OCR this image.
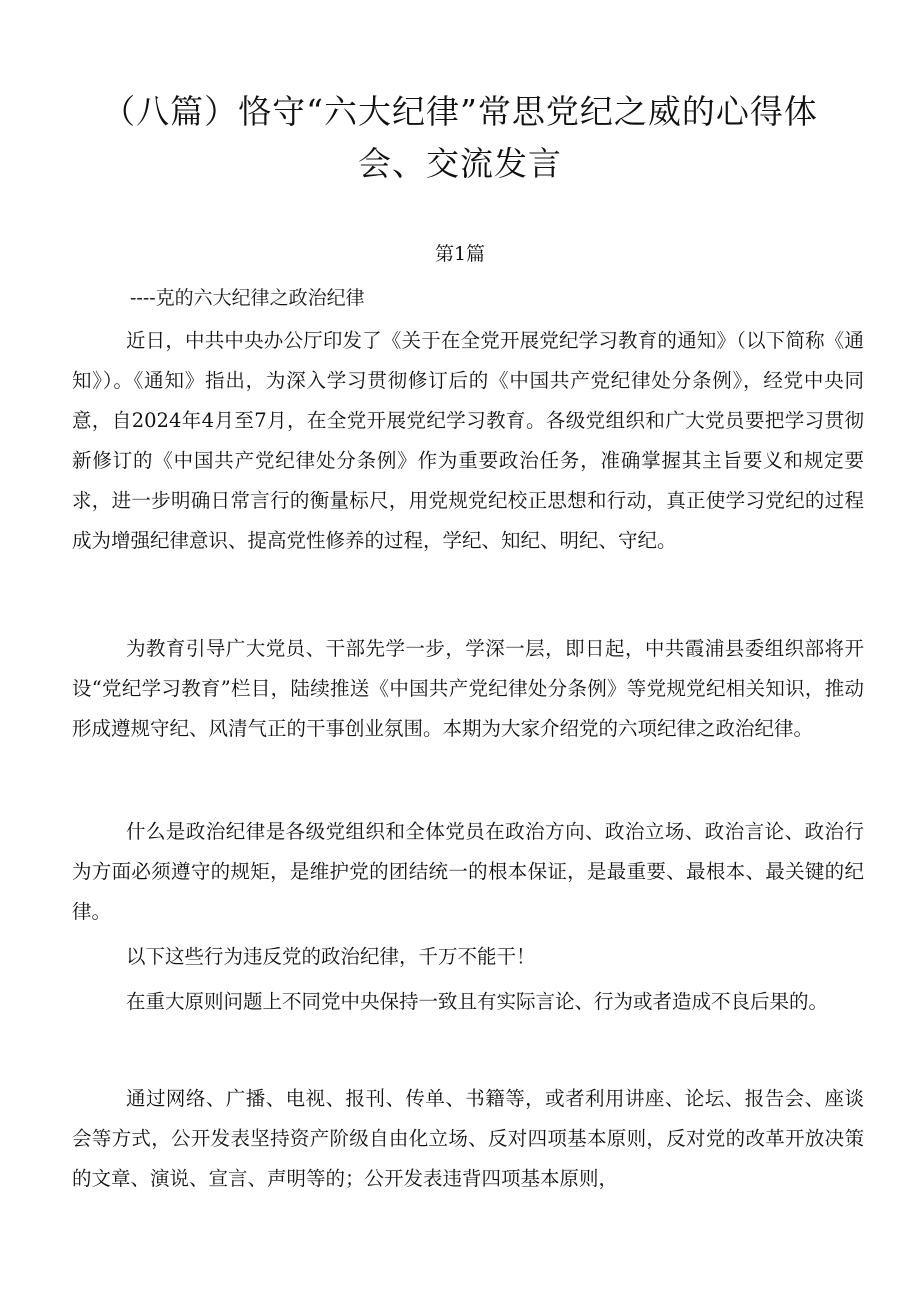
（八篇）恪守“六大纪律”常思党纪之威的心得体
会、交流发言
第1篇
----克的六大纪律之政治纪律

近日，中共中央办公厅印发了《关于在全党开展党纪学习教育的通知》（以下简称《通知》）。《通知》指出，为深入学习贯彻修订后的《中国共产党纪律处分条例》，经党中央同意，自2024年4月至7月，在全党开展党纪学习教育。各级党组织和广大党员要把学习贯彻新修订的《中国共产党纪律处分条例》作为重要政治任务，准确掌握其主旨要义和规定要求，进一步明确日常言行的衡量标尺，用党规党纪校正思想和行动，真正使学习党纪的过程成为增强纪律意识、提高党性修养的过程，学纪、知纪、明纪、守纪。

为教育引导广大党员、干部先学一步，学深一层，即日起，中共霞浦县委组织部将开设“党纪学习教育”栏目，陆续推送《中国共产党纪律处分条例》等党规党纪相关知识，推动形成遵规守纪、风清气正的干事创业氛围。本期为大家介绍党的六项纪律之政治纪律。

什么是政治纪律是各级党组织和全体党员在政治方向、政治立场、政治言论、政治行为方面必须遵守的规矩，是维护党的团结统一的根本保证，是最重要、最根本、最关键的纪律。

以下这些行为违反党的政治纪律，千万不能干！

在重大原则问题上不同党中央保持一致且有实际言论、行为或者造成不良后果的。

通过网络、广播、电视、报刊、传单、书籍等，或者利用讲座、论坛、报告会、座谈会等方式，公开发表坚持资产阶级自由化立场、反对四项基本原则，反对党的改革开放决策的文章、演说、宣言、声明等的；公开发表违背四项基本原则，
